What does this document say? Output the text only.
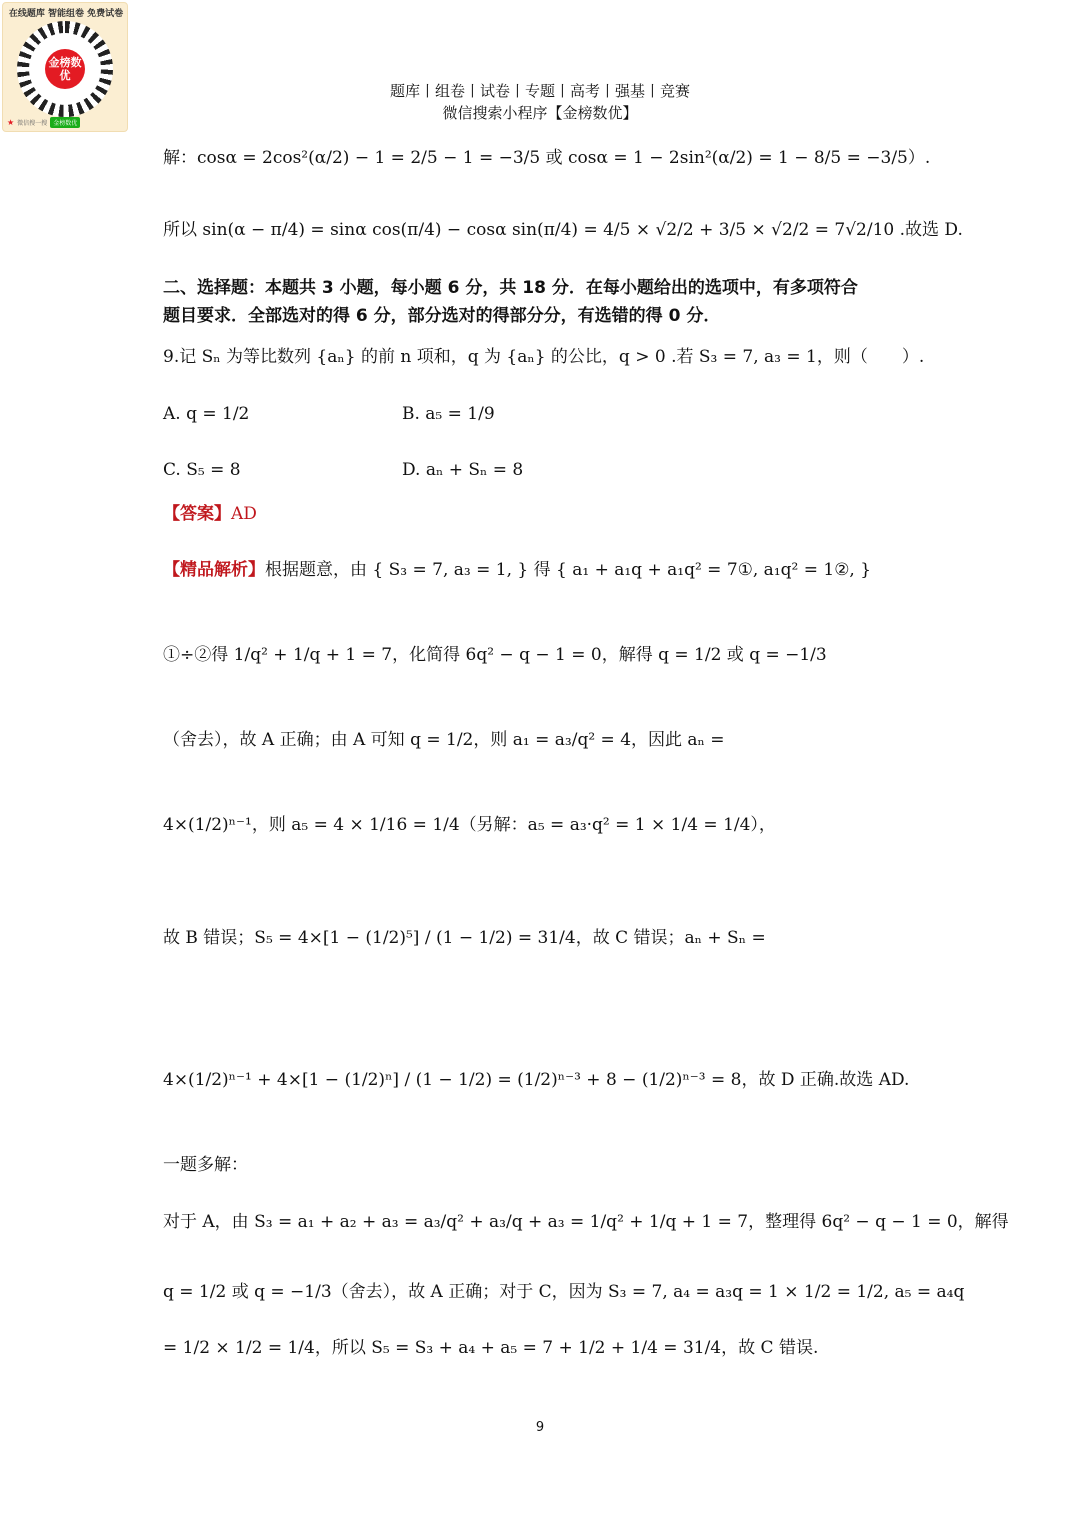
金榜数优
在线题库 智能组卷 免费试卷
★ 微信搜一搜	金榜数优
题库丨组卷丨试卷丨专题丨高考丨强基丨竞赛
微信搜索小程序【金榜数优】
解：cosα = 2cos²(α/2) − 1 = 2/5 − 1 = −3/5 或 cosα = 1 − 2sin²(α/2) = 1 − 8/5 = −3/5）.
所以 sin(α − π/4) = sinα cos(π/4) − cosα sin(π/4) = 4/5 × √2/2 + 3/5 × √2/2 = 7√2/10 .故选 D.
二、选择题：本题共 3 小题，每小题 6 分，共 18 分．在每小题给出的选项中，有多项符合
题目要求．全部选对的得 6 分，部分选对的得部分分，有选错的得 0 分．
9.记 Sₙ 为等比数列 {aₙ} 的前 n 项和，q 为 {aₙ} 的公比，q > 0 .若 S₃ = 7, a₃ = 1，则（　　）.
A. q = 1/2	B. a₅ = 1/9
C. S₅ = 8	D. aₙ + Sₙ = 8
【答案】AD
【精品解析】根据题意，由 { S₃ = 7, a₃ = 1, } 得 { a₁ + a₁q + a₁q² = 7①, a₁q² = 1②, }
①÷②得 1/q² + 1/q + 1 = 7，化简得 6q² − q − 1 = 0，解得 q = 1/2 或 q = −1/3
（舍去），故 A 正确；由 A 可知 q = 1/2，则 a₁ = a₃/q² = 4，因此 aₙ =
4×(1/2)ⁿ⁻¹，则 a₅ = 4 × 1/16 = 1/4（另解：a₅ = a₃·q² = 1 × 1/4 = 1/4），
故 B 错误；S₅ = 4×[1 − (1/2)⁵] / (1 − 1/2) = 31/4，故 C 错误；aₙ + Sₙ =
4×(1/2)ⁿ⁻¹ + 4×[1 − (1/2)ⁿ] / (1 − 1/2) = (1/2)ⁿ⁻³ + 8 − (1/2)ⁿ⁻³ = 8，故 D 正确.故选 AD.
一题多解：
对于 A，由 S₃ = a₁ + a₂ + a₃ = a₃/q² + a₃/q + a₃ = 1/q² + 1/q + 1 = 7，整理得 6q² − q − 1 = 0，解得
q = 1/2 或 q = −1/3（舍去），故 A 正确；对于 C，因为 S₃ = 7, a₄ = a₃q = 1 × 1/2 = 1/2, a₅ = a₄q
= 1/2 × 1/2 = 1/4，所以 S₅ = S₃ + a₄ + a₅ = 7 + 1/2 + 1/4 = 31/4，故 C 错误.
9
